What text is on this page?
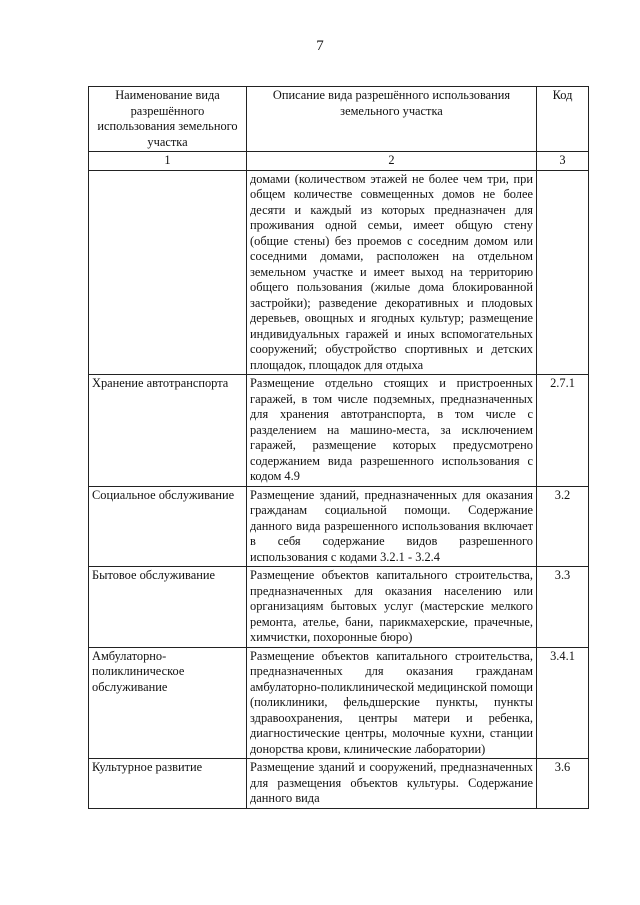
7
Наименование вида разрешённого использования земельного участка	Описание вида разрешённого использования земельного участка	Код
1	2	3
	домами (количеством этажей не более чем три, при общем количестве совмещенных домов не более десяти и каждый из которых предназначен для проживания одной семьи, имеет общую стену (общие стены) без проемов с соседним домом или соседними домами, расположен на отдельном земельном участке и имеет выход на территорию общего пользования (жилые дома блокированной застройки); разведение декоративных и плодовых деревьев, овощных и ягодных культур; размещение индивидуальных гаражей и иных вспомогательных сооружений; обустройство спортивных и детских площадок, площадок для отдыха	
Хранение автотранспорта	Размещение отдельно стоящих и пристроенных гаражей, в том числе подземных, предназначенных для хранения автотранспорта, в том числе с разделением на машино-места, за исключением гаражей, размещение которых предусмотрено содержанием вида разрешенного использования с кодом 4.9	2.7.1
Социальное обслуживание	Размещение зданий, предназначенных для оказания гражданам социальной помощи. Содержание данного вида разрешенного использования включает в себя содержание видов разрешенного использования с кодами 3.2.1 - 3.2.4	3.2
Бытовое обслуживание	Размещение объектов капитального строительства, предназначенных для оказания населению или организациям бытовых услуг (мастерские мелкого ремонта, ателье, бани, парикмахерские, прачечные, химчистки, похоронные бюро)	3.3
Амбулаторно-поликлиническое обслуживание	Размещение объектов капитального строительства, предназначенных для оказания гражданам амбулаторно-поликлинической медицинской помощи (поликлиники, фельдшерские пункты, пункты здравоохранения, центры матери и ребенка, диагностические центры, молочные кухни, станции донорства крови, клинические лаборатории)	3.4.1
Культурное развитие	Размещение зданий и сооружений, предназначенных для размещения объектов культуры. Содержание данного вида	3.6
